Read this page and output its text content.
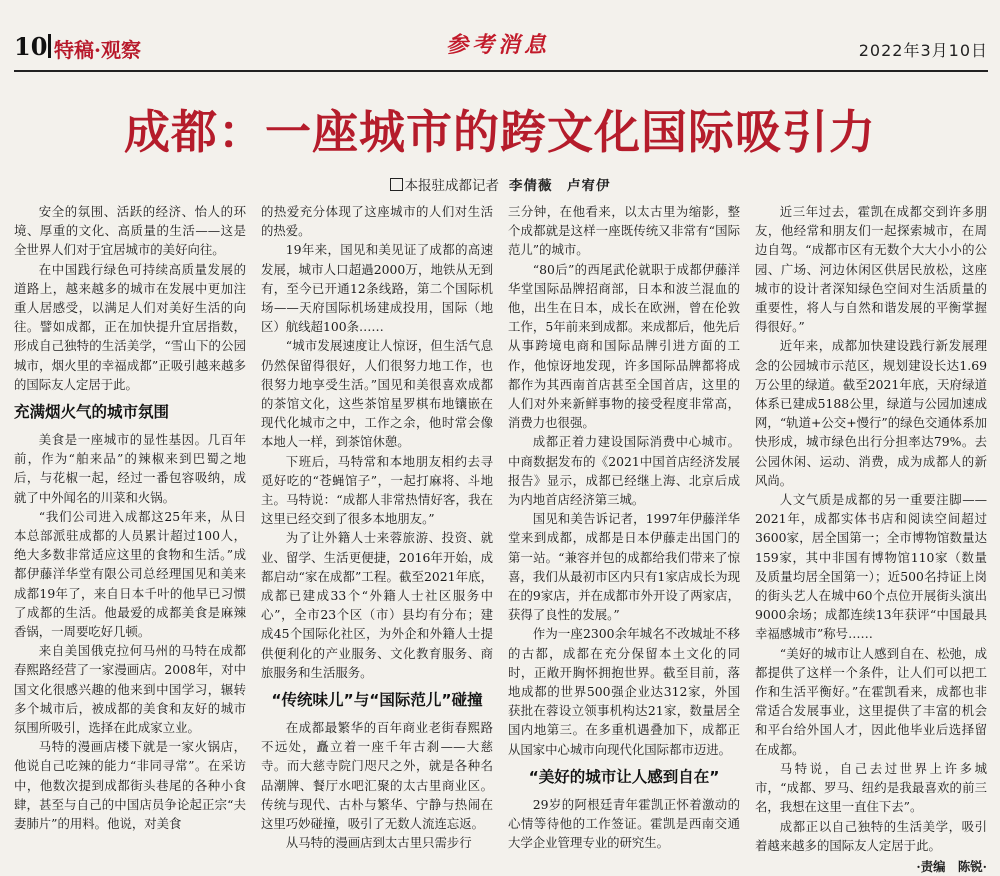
10 特稿·观察	参考消息	2022年3月10日
成都：一座城市的跨文化国际吸引力
本报驻成都记者 李倩薇　卢宥伊

安全的氛围、活跃的经济、怡人的环境、厚重的文化、高质量的生活——这是全世界人们对于宜居城市的美好向往。

在中国践行绿色可持续高质量发展的道路上，越来越多的城市在发展中更加注重人居感受，以满足人们对美好生活的向往。譬如成都，正在加快提升宜居指数，形成自己独特的生活美学，“雪山下的公园城市，烟火里的幸福成都”正吸引越来越多的国际友人定居于此。

充满烟火气的城市氛围

美食是一座城市的显性基因。几百年前，作为“舶来品”的辣椒来到巴蜀之地后，与花椒一起，经过一番包容吸纳，成就了中外闻名的川菜和火锅。

“我们公司进入成都这25年来，从日本总部派驻成都的人员累计超过100人，绝大多数非常适应这里的食物和生活。”成都伊藤洋华堂有限公司总经理国见和美来成都19年了，来自日本千叶的他早已习惯了成都的生活。他最爱的成都美食是麻辣香锅，一周要吃好几顿。

来自美国俄克拉何马州的马特在成都春熙路经营了一家漫画店。2008年，对中国文化很感兴趣的他来到中国学习，辗转多个城市后，被成都的美食和友好的城市氛围所吸引，选择在此成家立业。

马特的漫画店楼下就是一家火锅店，他说自己吃辣的能力“非同寻常”。在采访中，他数次提到成都街头巷尾的各种小食肆，甚至与自己的中国店员争论起正宗“夫妻肺片”的用料。他说，对美食

的热爱充分体现了这座城市的人们对生活的热爱。

19年来，国见和美见证了成都的高速发展，城市人口超過2000万，地铁从无到有，至今已开通12条线路，第二个国际机场——天府国际机场建成投用，国际（地区）航线超100条……

“城市发展速度让人惊讶，但生活气息仍然保留得很好，人们很努力地工作，也很努力地享受生活。”国见和美很喜欢成都的茶馆文化，这些茶馆星罗棋布地镶嵌在现代化城市之中，工作之余，他时常会像本地人一样，到茶馆休憩。

下班后，马特常和本地朋友相约去寻觅好吃的“苍蝇馆子”，一起打麻将、斗地主。马特说：“成都人非常热情好客，我在这里已经交到了很多本地朋友。”

为了让外籍人士来蓉旅游、投资、就业、留学、生活更便捷，2016年开始，成都启动“家在成都”工程。截至2021年底，成都已建成33个“外籍人士社区服务中心”，全市23个区（市）县均有分布；建成45个国际化社区，为外企和外籍人士提供便利化的产业服务、文化教育服务、商旅服务和生活服务。

“传统味儿”与“国际范儿”碰撞

在成都最繁华的百年商业老街春熙路不远处，矗立着一座千年古刹——大慈寺。而大慈寺院门咫尺之外，就是各种名品潮牌、餐厅水吧汇聚的太古里商业区。传统与现代、古朴与繁华、宁静与热闹在这里巧妙碰撞，吸引了无数人流连忘返。

从马特的漫画店到太古里只需步行

三分钟，在他看来，以太古里为缩影，整个成都就是这样一座既传统又非常有“国际范儿”的城市。

“80后”的西尾武伦就职于成都伊藤洋华堂国际品牌招商部，日本和波兰混血的他，出生在日本，成长在欧洲，曾在伦敦工作，5年前来到成都。来成都后，他先后从事跨境电商和国际品牌引进方面的工作，他惊讶地发现，许多国际品牌都将成都作为其西南首店甚至全国首店，这里的人们对外来新鲜事物的接受程度非常高，消费力也很强。

成都正着力建设国际消费中心城市。中商数据发布的《2021中国首店经济发展报告》显示，成都已经继上海、北京后成为内地首店经济第三城。

国见和美告诉记者，1997年伊藤洋华堂来到成都，成都是日本伊藤走出国门的第一站。“兼容并包的成都给我们带来了惊喜，我们从最初市区内只有1家店成长为现在的9家店，并在成都市外开设了两家店，获得了良性的发展。”

作为一座2300余年城名不改城址不移的古都，成都在充分保留本土文化的同时，正敞开胸怀拥抱世界。截至目前，落地成都的世界500强企业达312家，外国获批在蓉设立领事机构达21家，数量居全国内地第三。在多重机遇叠加下，成都正从国家中心城市向现代化国际都市迈进。

“美好的城市让人感到自在”

29岁的阿根廷青年霍凯正怀着激动的心情等待他的工作签证。霍凯是西南交通大学企业管理专业的研究生。

近三年过去，霍凯在成都交到许多朋友，他经常和朋友们一起探索城市，在周边自驾。“成都市区有无数个大大小小的公园、广场、河边休闲区供居民放松，这座城市的设计者深知绿色空间对生活质量的重要性，将人与自然和谐发展的平衡掌握得很好。”

近年来，成都加快建设践行新发展理念的公园城市示范区，规划建设长达1.69万公里的绿道。截至2021年底，天府绿道体系已建成5188公里，绿道与公园加速成网，“轨道+公交+慢行”的绿色交通体系加快形成，城市绿色出行分担率达79%。去公园休闲、运动、消费，成为成都人的新风尚。

人文气质是成都的另一重要注脚——2021年，成都实体书店和阅读空间超过3600家，居全国第一；全市博物馆数量达159家，其中非国有博物馆110家（数量及质量均居全国第一）；近500名持证上岗的街头艺人在城中60个点位开展街头演出9000余场；成都连续13年获评“中国最具幸福感城市”称号……

“美好的城市让人感到自在、松弛，成都提供了这样一个条件，让人们可以把工作和生活平衡好。”在霍凯看来，成都也非常适合发展事业，这里提供了丰富的机会和平台给外国人才，因此他毕业后选择留在成都。

马特说，自己去过世界上许多城市，“成都、罗马、纽约是我最喜欢的前三名，我想在这里一直住下去”。

成都正以自己独特的生活美学，吸引着越来越多的国际友人定居于此。

·责编　陈锐·
